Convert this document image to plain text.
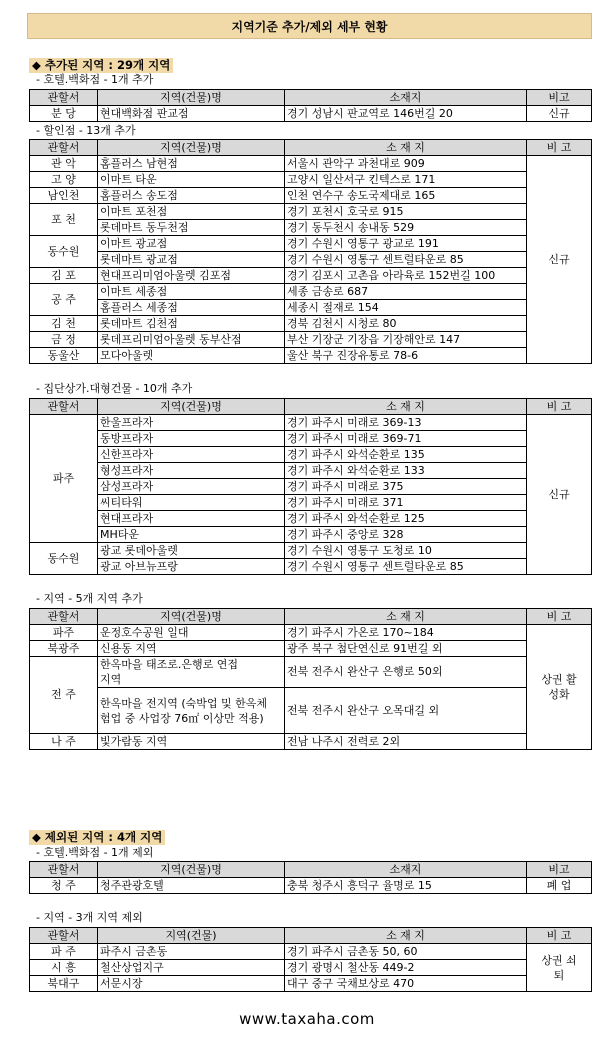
지역기준 추가/제외 세부 현황
◆ 추가된 지역 : 29개 지역
- 호텔.백화점 - 1개 추가
관할서	지역(건물)명	소재지	비고
분 당	현대백화점 판교점	경기 성남시 판교역로 146번길 20	신규
- 할인점 - 13개 추가
관할서	지역(건물)명	소 재 지	비 고
관 악	홈플러스 남현점	서울시 관악구 과천대로 909	신규
고 양	이마트 타운	고양시 일산서구 킨텍스로 171	
남인천	홈플러스 송도점	인천 연수구 송도국제대로 165	
포 천	이마트 포천점	경기 포천시 호국로 915	
	롯데마트 동두천점	경기 동두천시 송내동 529	
동수원	이마트 광교점	경기 수원시 영통구 광교로 191	
	롯데마트 광교점	경기 수원시 영통구 센트럴타운로 85	
김 포	현대프리미엄아울렛 김포점	경기 김포시 고촌읍 아라육로 152번길 100	
공 주	이마트 세종점	세종 금송로 687	
	홈플러스 세종점	세종시 절재로 154	
김 천	롯데마트 김천점	경북 김천시 시청로 80	
금 정	롯데프리미엄아울렛 동부산점	부산 기장군 기장읍 기장해안로 147	
동울산	모다아울렛	울산 북구 진장유통로 78-6	
- 집단상가.대형건물 - 10개 추가
관할서	지역(건물)명	소 재 지	비 고
파주	한울프라자	경기 파주시 미래로 369-13	신규
	동방프라자	경기 파주시 미래로 369-71	
	신한프라자	경기 파주시 와석순환로 135	
	형성프라자	경기 파주시 와석순환로 133	
	삼성프라자	경기 파주시 미래로 375	
	씨티타워	경기 파주시 미래로 371	
	현대프라자	경기 파주시 와석순환로 125	
	MH타운	경기 파주시 중앙로 328	
동수원	광교 롯데아울렛	경기 수원시 영통구 도청로 10	
	광교 아브뉴프랑	경기 수원시 영통구 센트럴타운로 85	
- 지역 - 5개 지역 추가
관할서	지역(건물)명	소 재 지	비 고
파주	운정호수공원 일대	경기 파주시 가온로 170~184	상권 활성화
북광주	신용동 지역	광주 북구 첨단연신로 91번길 외	
전 주	한옥마을 태조로.은행로 연접지역	전북 전주시 완산구 은행로 50외	
	한옥마을 전지역 (숙박업 및 한옥체험업 중 사업장 76㎡ 이상만 적용)	전북 전주시 완산구 오목대길 외	
나 주	빛가람동 지역	전남 나주시 전력로 2외	
◆ 제외된 지역 : 4개 지역
- 호텔.백화점 - 1개 제외
관할서	지역(건물)명	소재지	비고
청 주	청주관광호텔	충북 청주시 흥덕구 율명로 15	폐 업
- 지역 - 3개 지역 제외
관할서	지역(건물)	소 재 지	비 고
파 주	파주시 금촌동	경기 파주시 금촌동 50, 60	상권 쇠퇴
시 흥	철산상업지구	경기 광명시 철산동 449-2	
북대구	서문시장	대구 중구 국채보상로 470	
www.taxaha.com
